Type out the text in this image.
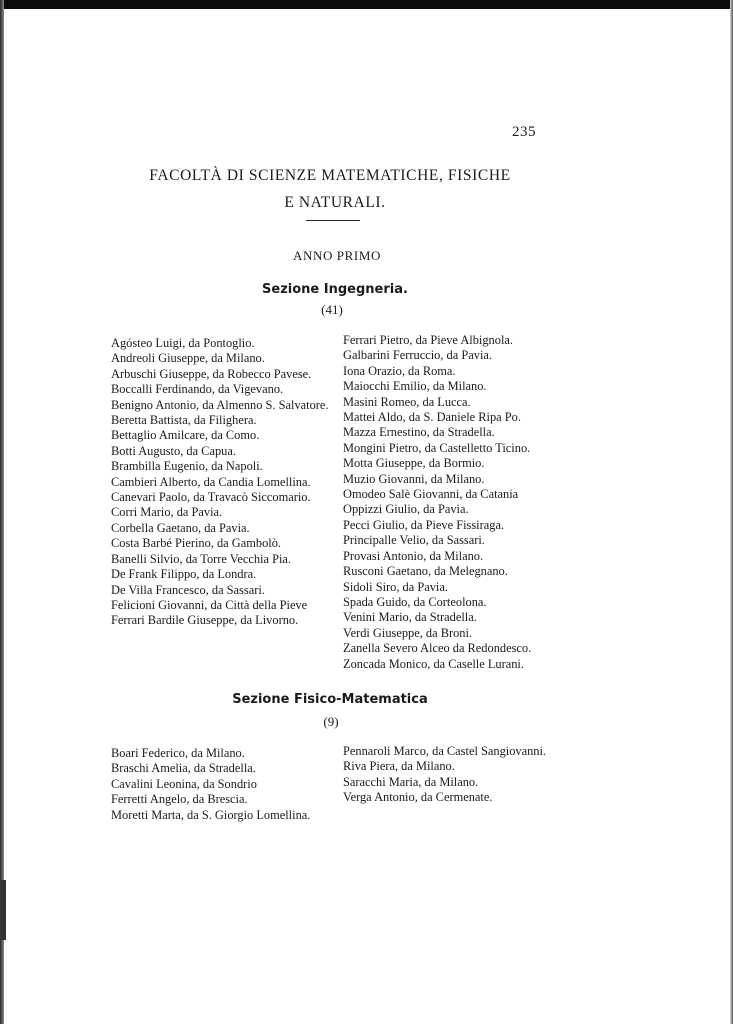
235
FACOLTÀ DI SCIENZE MATEMATICHE, FISICHE
E NATURALI.
ANNO PRIMO
Sezione Ingegneria.
(41)
Agósteo Luigi, da Pontoglio.
Andreoli Giuseppe, da Milano.
Arbuschi Giuseppe, da Robecco Pavese.
Boccalli Ferdinando, da Vigevano.
Benigno Antonio, da Almenno S. Salvatore.
Beretta Battista, da Filighera.
Bettaglio Amilcare, da Como.
Botti Augusto, da Capua.
Brambilla Eugenio, da Napoli.
Cambieri Alberto, da Candia Lomellina.
Canevari Paolo, da Travacò Siccomario.
Corri Mario, da Pavia.
Corbella Gaetano, da Pavia.
Costa Barbé Pierino, da Gambolò.
Banelli Silvio, da Torre Vecchia Pia.
De Frank Filippo, da Londra.
De Villa Francesco, da Sassari.
Felicioni Giovanni, da Città della Pieve
Ferrari Bardile Giuseppe, da Livorno.
Ferrari Pietro, da Pieve Albignola.
Galbarini Ferruccio, da Pavia.
Iona Orazio, da Roma.
Maiocchi Emilio, da Milano.
Masini Romeo, da Lucca.
Mattei Aldo, da S. Daniele Ripa Po.
Mazza Ernestino, da Stradella.
Mongini Pietro, da Castelletto Ticino.
Motta Giuseppe, da Bormio.
Muzio Giovanni, da Milano.
Omodeo Salè Giovanni, da Catania
Oppizzi Giulio, da Pavia.
Pecci Giulio, da Pieve Fissiraga.
Principalle Velio, da Sassari.
Provasi Antonio, da Milano.
Rusconi Gaetano, da Melegnano.
Sidoli Siro, da Pavia.
Spada Guido, da Corteolona.
Venini Mario, da Stradella.
Verdi Giuseppe, da Broni.
Zanella Severo Alceo da Redondesco.
Zoncada Monico, da Caselle Lurani.
Sezione Fisico-Matematica
(9)
Boari Federico, da Milano.
Braschi Amelia, da Stradella.
Cavalini Leonina, da Sondrio
Ferretti Angelo, da Brescia.
Moretti Marta, da S. Giorgio Lomellina.
Pennaroli Marco, da Castel Sangiovanni.
Riva Piera, da Milano.
Saracchi Maria, da Milano.
Verga Antonio, da Cermenate.
